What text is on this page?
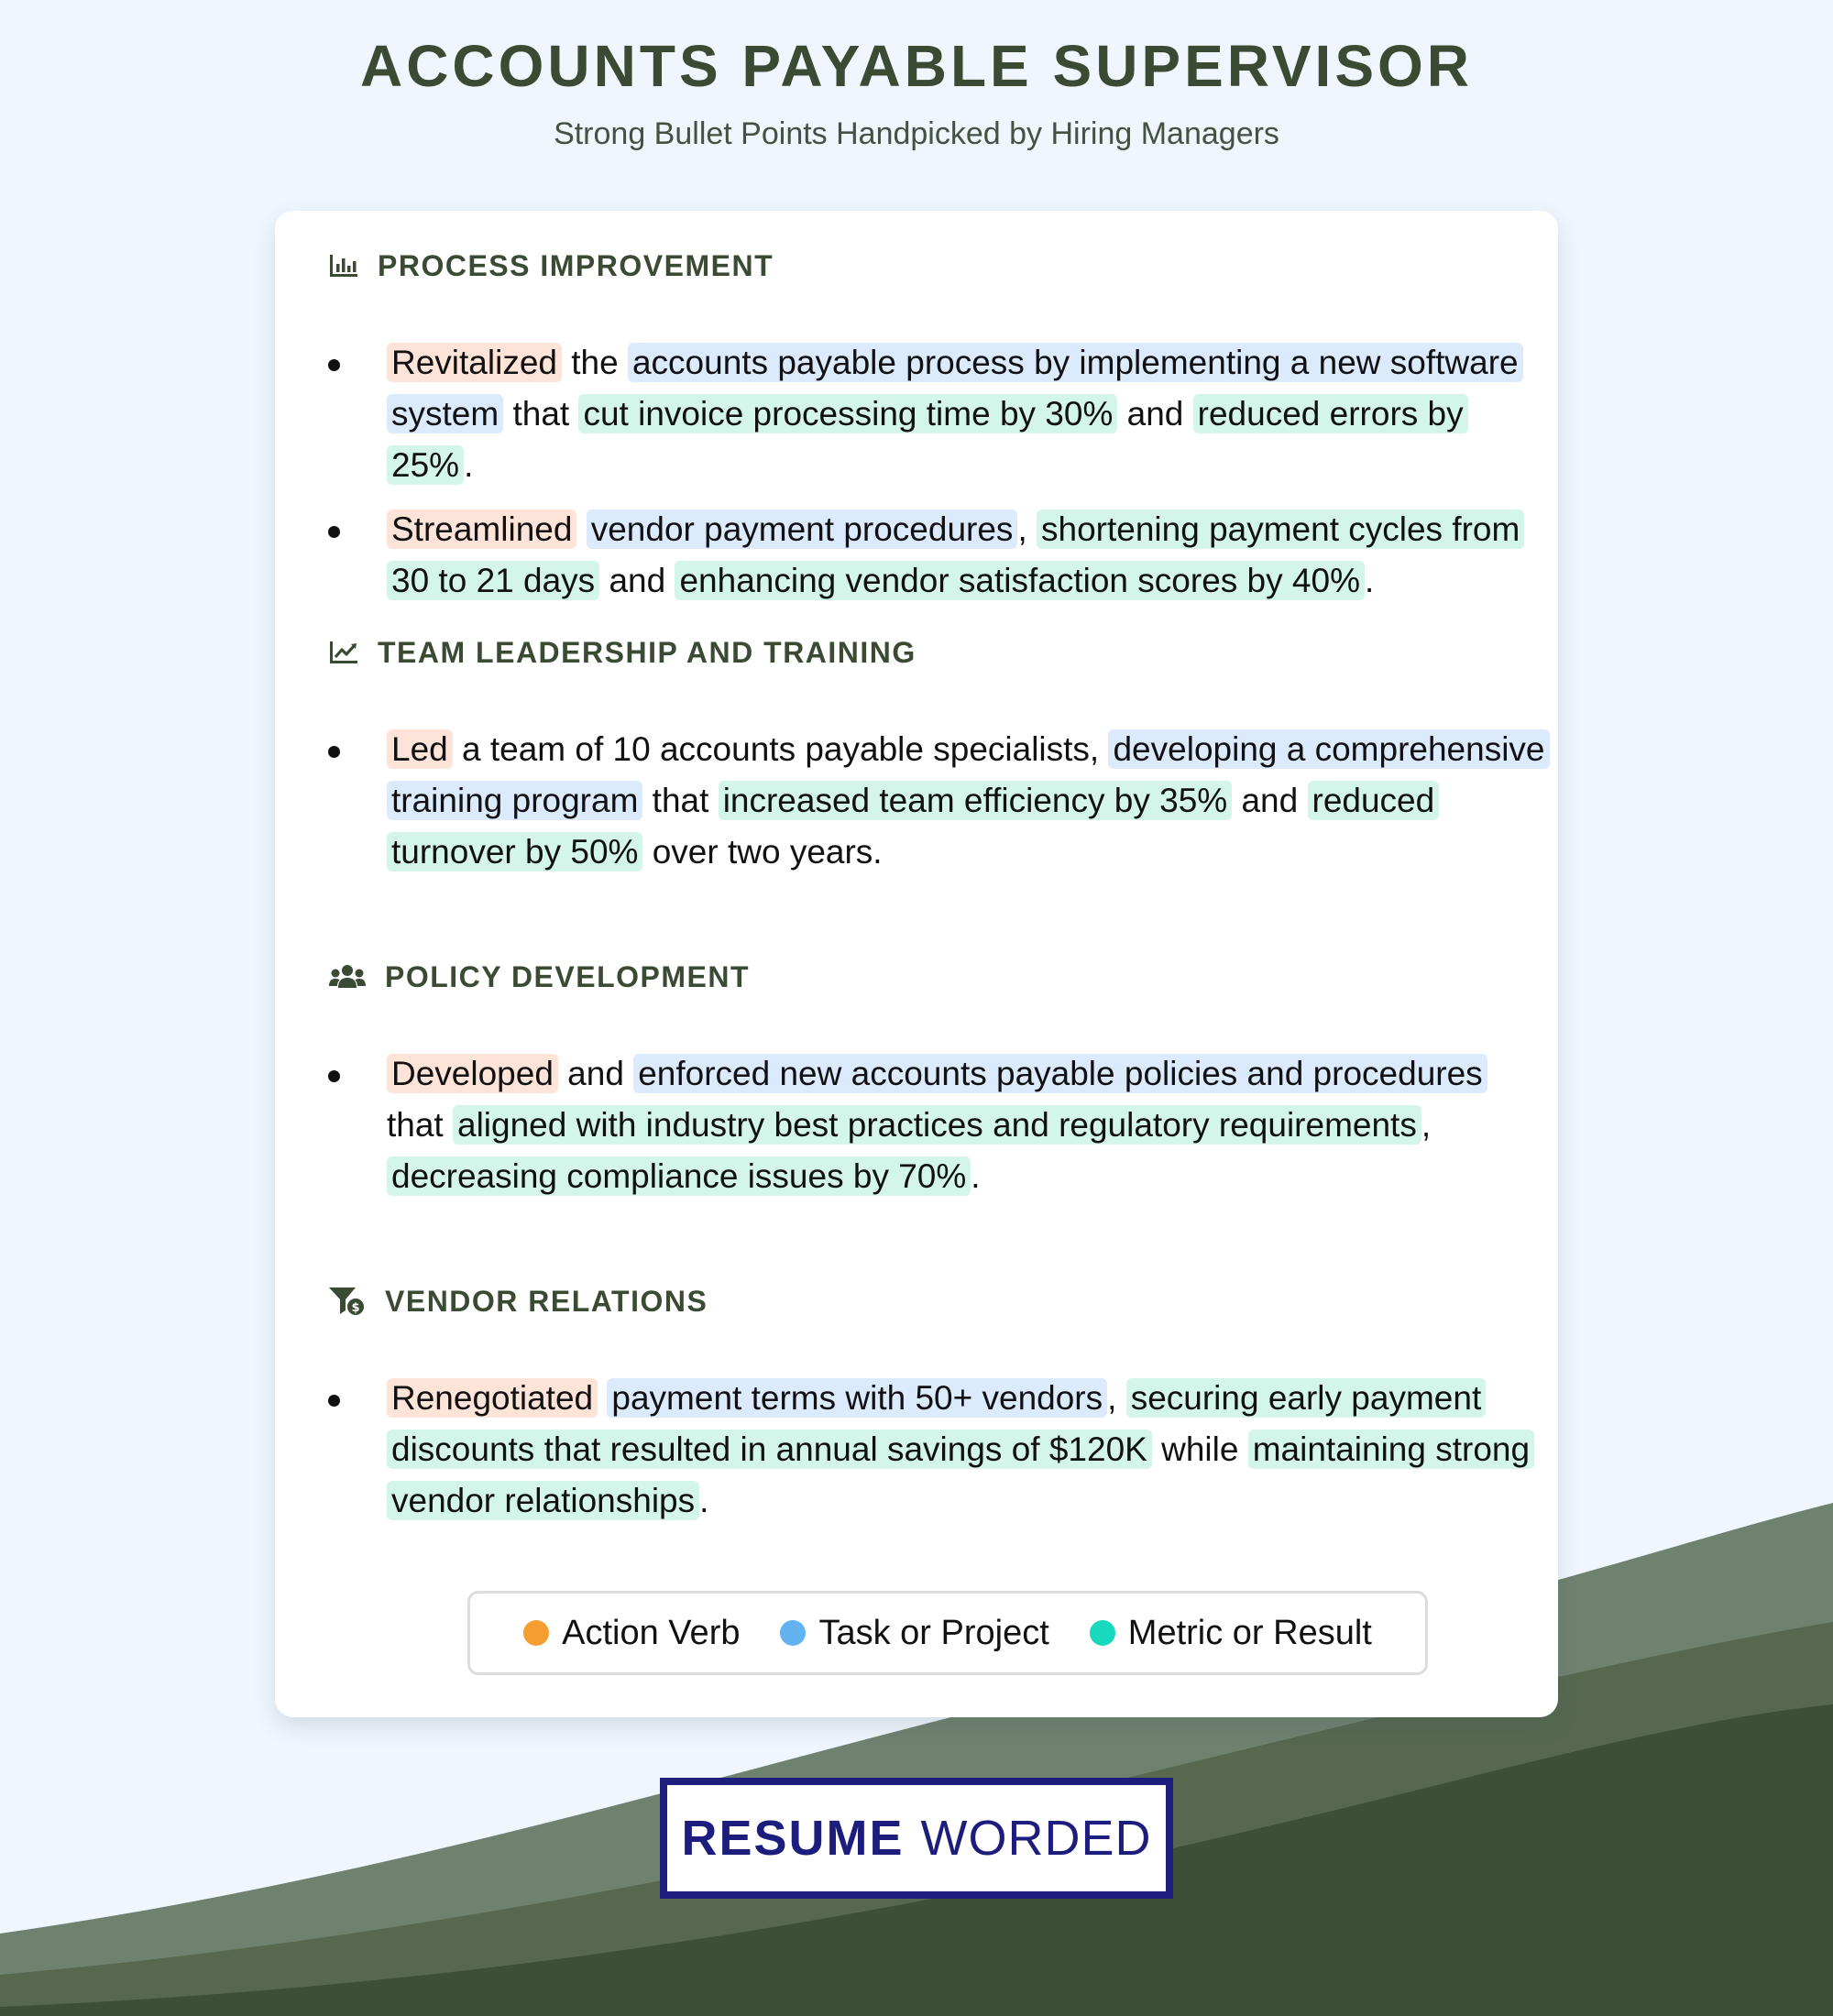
ACCOUNTS PAYABLE SUPERVISOR
Strong Bullet Points Handpicked by Hiring Managers
PROCESS IMPROVEMENT
Revitalized the accounts payable process by implementing a new software system that cut invoice processing time by 30% and reduced errors by 25% .
Streamlined vendor payment procedures , shortening payment cycles from 30 to 21 days and enhancing vendor satisfaction scores by 40% .
TEAM LEADERSHIP AND TRAINING
Led a team of 10 accounts payable specialists, developing a comprehensive training program that increased team efficiency by 35% and reduced turnover by 50% over two years.
POLICY DEVELOPMENT
Developed and enforced new accounts payable policies and procedures that aligned with industry best practices and regulatory requirements , decreasing compliance issues by 70% .
$ VENDOR RELATIONS
Renegotiated payment terms with 50+ vendors , securing early payment discounts that resulted in annual savings of $120K while maintaining strong vendor relationships .
Action Verb Task or Project Metric or Result
RESUME WORDED
